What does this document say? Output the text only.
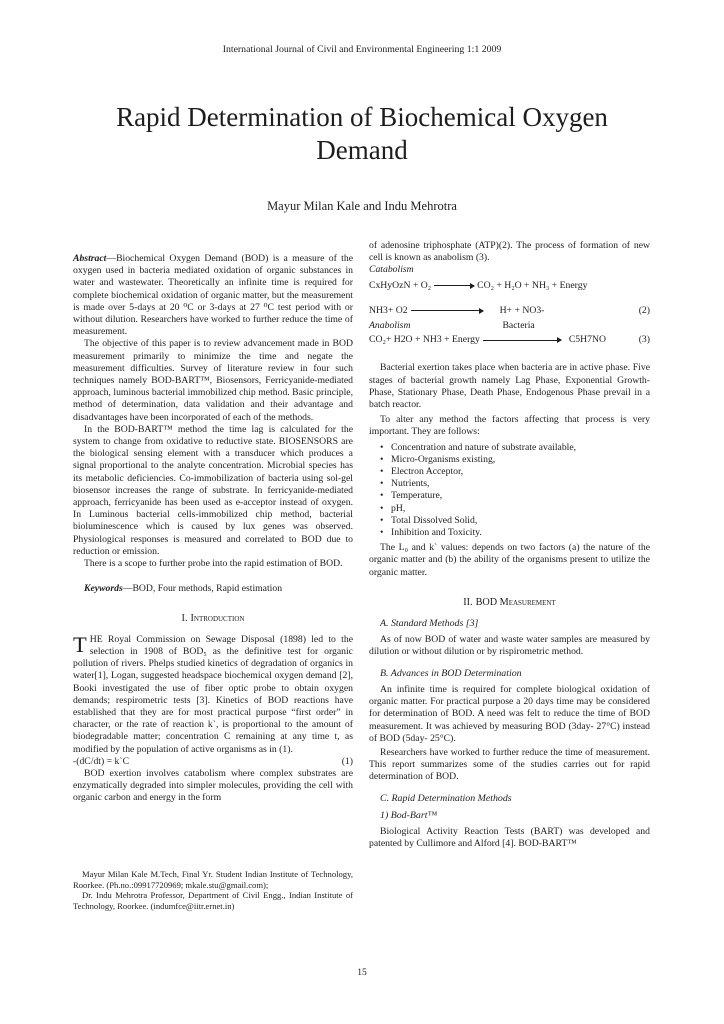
International Journal of Civil and Environmental Engineering 1:1 2009
Rapid Determination of Biochemical Oxygen Demand
Mayur Milan Kale and Indu Mehrotra

Abstract—Biochemical Oxygen Demand (BOD) is a measure of the oxygen used in bacteria mediated oxidation of organic substances in water and wastewater. Theoretically an infinite time is required for complete biochemical oxidation of organic matter, but the measurement is made over 5-days at 20 ⁰C or 3-days at 27 ⁰C test period with or without dilution. Researchers have worked to further reduce the time of measurement.

The objective of this paper is to review advancement made in BOD measurement primarily to minimize the time and negate the measurement difficulties. Survey of literature review in four such techniques namely BOD-BART™, Biosensors, Ferricyanide-mediated approach, luminous bacterial immobilized chip method. Basic principle, method of determination, data validation and their advantage and disadvantages have been incorporated of each of the methods.

In the BOD-BART™ method the time lag is calculated for the system to change from oxidative to reductive state. BIOSENSORS are the biological sensing element with a transducer which produces a signal proportional to the analyte concentration. Microbial species has its metabolic deficiencies. Co-immobilization of bacteria using sol-gel biosensor increases the range of substrate. In ferricyanide-mediated approach, ferricyanide has been used as e-acceptor instead of oxygen. In Luminous bacterial cells-immobilized chip method, bacterial bioluminescence which is caused by lux genes was observed. Physiological responses is measured and correlated to BOD due to reduction or emission.

There is a scope to further probe into the rapid estimation of BOD.

Keywords—BOD, Four methods, Rapid estimation

I. Introduction

THE Royal Commission on Sewage Disposal (1898) led to the selection in 1908 of BOD₅ as the definitive test for organic pollution of rivers. Phelps studied kinetics of degradation of organics in water[1], Logan, suggested headspace biochemical oxygen demand [2], Booki investigated the use of fiber optic probe to obtain oxygen demands; respirometric tests [3]. Kinetics of BOD reactions have established that they are for most practical purpose “first order” in character, or the rate of reaction k`, is proportional to the amount of biodegradable matter; concentration C remaining at any time t, as modified by the population of active organisms as in (1).

-(dC/dt) = k`C	(1)

BOD exertion involves catabolism where complex substrates are enzymatically degraded into simpler molecules, providing the cell with organic carbon and energy in the form

of adenosine triphosphate (ATP)(2). The process of formation of new cell is known as anabolism (3).

Catabolism
CxHyOzN + O₂	CO₂ + H₂O + NH₃ + Energy
NH3+ O2	H+ + NO3-	(2)
Anabolism	Bacteria
CO₂+ H2O + NH3 + Energy	C5H7NO	(3)

Bacterial exertion takes place when bacteria are in active phase. Five stages of bacterial growth namely Lag Phase, Exponential Growth-Phase, Stationary Phase, Death Phase, Endogenous Phase prevail in a batch reactor.

To alter any method the factors affecting that process is very important. They are follows:

• Concentration and nature of substrate available,
• Micro-Organisms existing,
• Electron Acceptor,
• Nutrients,
• Temperature,
• pH,
• Total Dissolved Solid,
• Inhibition and Toxicity.

The L₀ and k` values: depends on two factors (a) the nature of the organic matter and (b) the ability of the organisms present to utilize the organic matter.

II. BOD Measurement
A. Standard Methods [3]

As of now BOD of water and waste water samples are measured by dilution or without dilution or by rispirometric method.

B. Advances in BOD Determination

An infinite time is required for complete biological oxidation of organic matter. For practical purpose a 20 days time may be considered for determination of BOD. A need was felt to reduce the time of BOD measurement. It was achieved by measuring BOD (3day- 27°C) instead of BOD (5day- 25°C).

Researchers have worked to further reduce the time of measurement. This report summarizes some of the studies carries out for rapid determination of BOD.

C. Rapid Determination Methods
1) Bod-Bart™

Biological Activity Reaction Tests (BART) was developed and patented by Cullimore and Alford [4]. BOD-BART™

Mayur Milan Kale M.Tech, Final Yr. Student Indian Institute of Technology, Roorkee. (Ph.no.:09917720969; mkale.stu@gmail.com);

Dr. Indu Mehrotra Professor, Department of Civil Engg., Indian Institute of Technology, Roorkee. (indumfce@iitr.ernet.in)

15
